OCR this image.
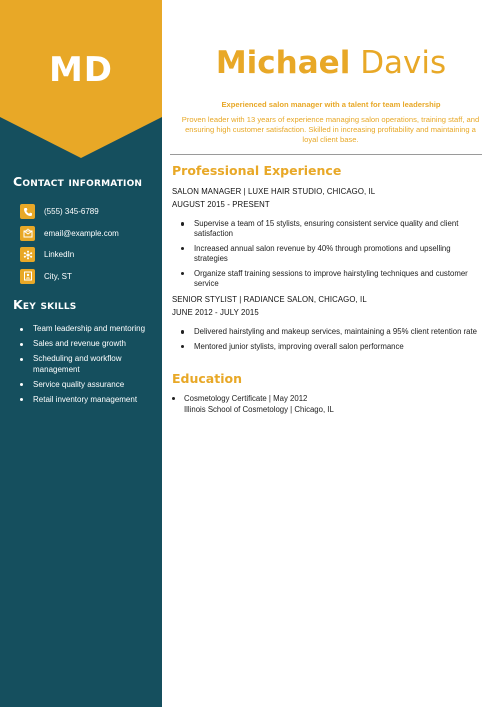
MD
Contact information
(555) 345-6789
email@example.com
LinkedIn
City, ST
Key skills
Team leadership and mentoring
Sales and revenue growth
Scheduling and workflow management
Service quality assurance
Retail inventory management
Michael Davis
Experienced salon manager with a talent for team leadership
Proven leader with 13 years of experience managing salon operations, training staff, and ensuring high customer satisfaction. Skilled in increasing profitability and maintaining a loyal client base.
Professional Experience
SALON MANAGER | LUXE HAIR STUDIO, CHICAGO, IL
AUGUST 2015 - PRESENT
Supervise a team of 15 stylists, ensuring consistent service quality and client satisfaction
Increased annual salon revenue by 40% through promotions and upselling strategies
Organize staff training sessions to improve hairstyling techniques and customer service
SENIOR STYLIST | RADIANCE SALON, CHICAGO, IL
JUNE 2012 - JULY 2015
Delivered hairstyling and makeup services, maintaining a 95% client retention rate
Mentored junior stylists, improving overall salon performance
Education
Cosmetology Certificate | May 2012
Illinois School of Cosmetology | Chicago, IL
